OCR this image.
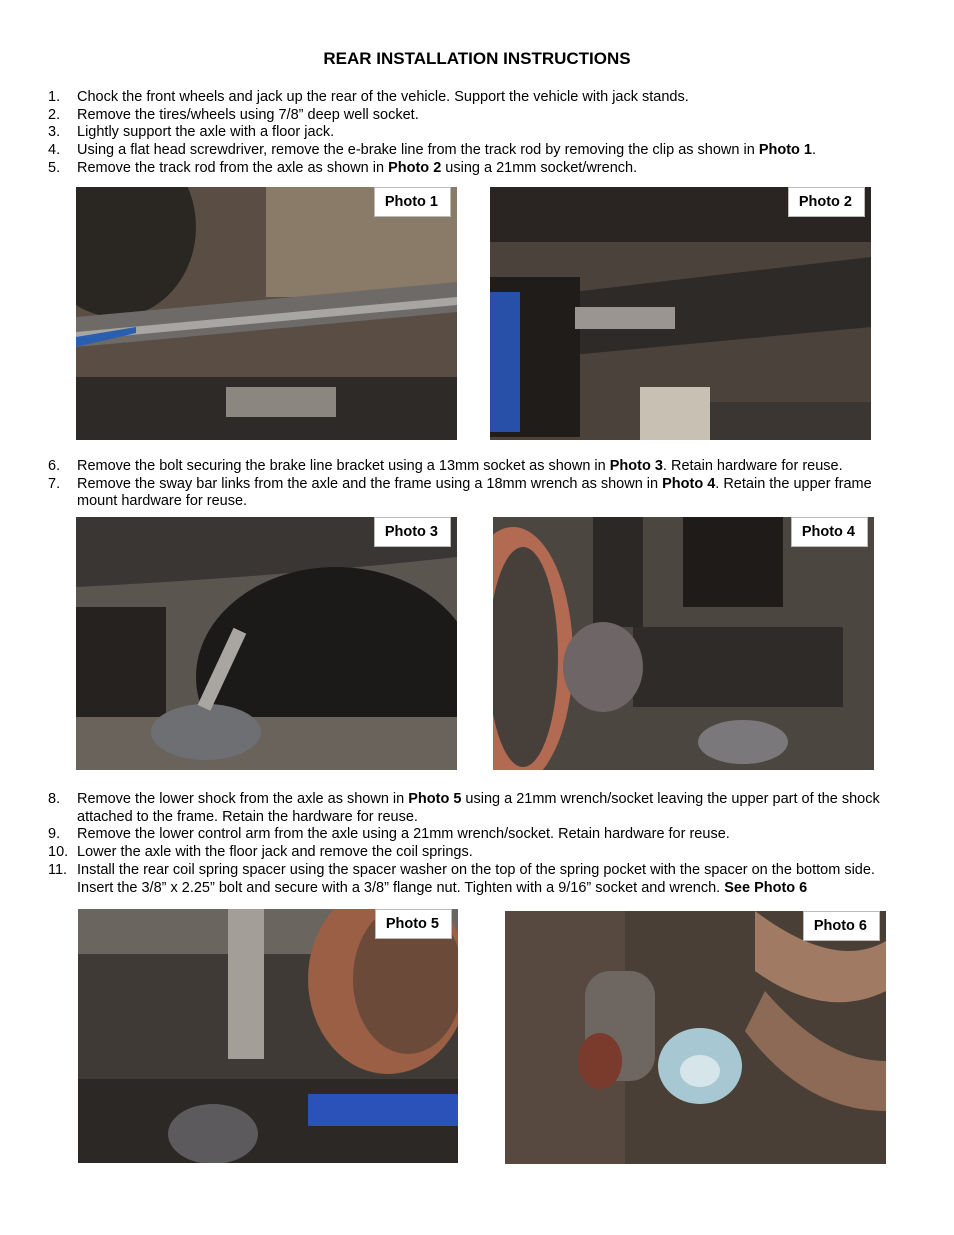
REAR INSTALLATION INSTRUCTIONS
1. Chock the front wheels and jack up the rear of the vehicle. Support the vehicle with jack stands.
2. Remove the tires/wheels using 7/8” deep well socket.
3. Lightly support the axle with a floor jack.
4. Using a flat head screwdriver, remove the e-brake line from the track rod by removing the clip as shown in Photo 1.
5. Remove the track rod from the axle as shown in Photo 2 using a 21mm socket/wrench.
Photo 1	Photo 2
6. Remove the bolt securing the brake line bracket using a 13mm socket as shown in Photo 3. Retain hardware for reuse.
7. Remove the sway bar links from the axle and the frame using a 18mm wrench as shown in Photo 4. Retain the upper frame mount hardware for reuse.
Photo 3	Photo 4
8. Remove the lower shock from the axle as shown in Photo 5 using a 21mm wrench/socket leaving the upper part of the shock attached to the frame. Retain the hardware for reuse.
9. Remove the lower control arm from the axle using a 21mm wrench/socket. Retain hardware for reuse.
10. Lower the axle with the floor jack and remove the coil springs.
11. Install the rear coil spring spacer using the spacer washer on the top of the spring pocket with the spacer on the bottom side. Insert the 3/8” x 2.25” bolt and secure with a 3/8” flange nut. Tighten with a 9/16” socket and wrench. See Photo 6
Photo 5	Photo 6
